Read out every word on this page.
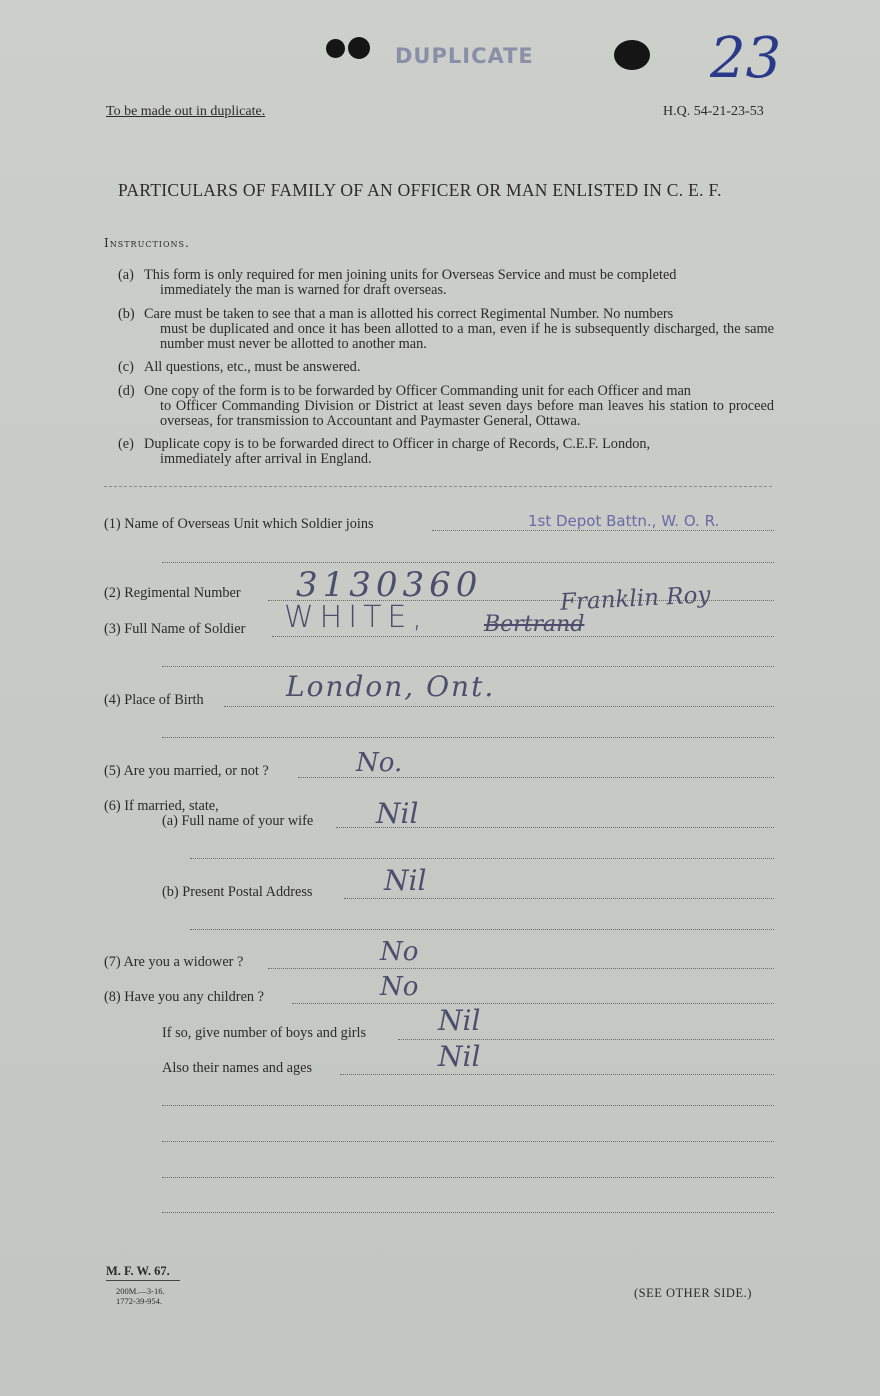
DUPLICATE	23
To be made out in duplicate.	H.Q. 54-21-23-53
PARTICULARS OF FAMILY OF AN OFFICER OR MAN ENLISTED IN C. E. F.
Instructions.
(a) This form is only required for men joining units for Overseas Service and must be completed
immediately the man is warned for draft overseas.
(b) Care must be taken to see that a man is allotted his correct Regimental Number. No numbers
must be duplicated and once it has been allotted to a man, even if he is subsequently discharged, the same number must never be allotted to another man.
(c) All questions, etc., must be answered.
(d) One copy of the form is to be forwarded by Officer Commanding unit for each Officer and man
to Officer Commanding Division or District at least seven days before man leaves his station to proceed overseas, for transmission to Accountant and Paymaster General, Ottawa.
(e) Duplicate copy is to be forwarded direct to Officer in charge of Records, C.E.F. London,
immediately after arrival in England.
(1) Name of Overseas Unit which Soldier joins	1st Depot Battn., W. O. R.
(2) Regimental Number 3130360
(3) Full Name of Soldier WHITE,	Bertrand
Franklin Roy
(4) Place of Birth	London, Ont.
(5) Are you married, or not ?	No.
(6) If married, state,
(a) Full name of your wife Nil
(b) Present Postal Address	Nil
(7) Are you a widower ?	No
(8) Have you any children ?	No
If so, give number of boys and girls	Nil
Also their names and ages	Nil
M. F. W. 67.
200M.—3-16.
1772-39-954.
(SEE OTHER SIDE.)
